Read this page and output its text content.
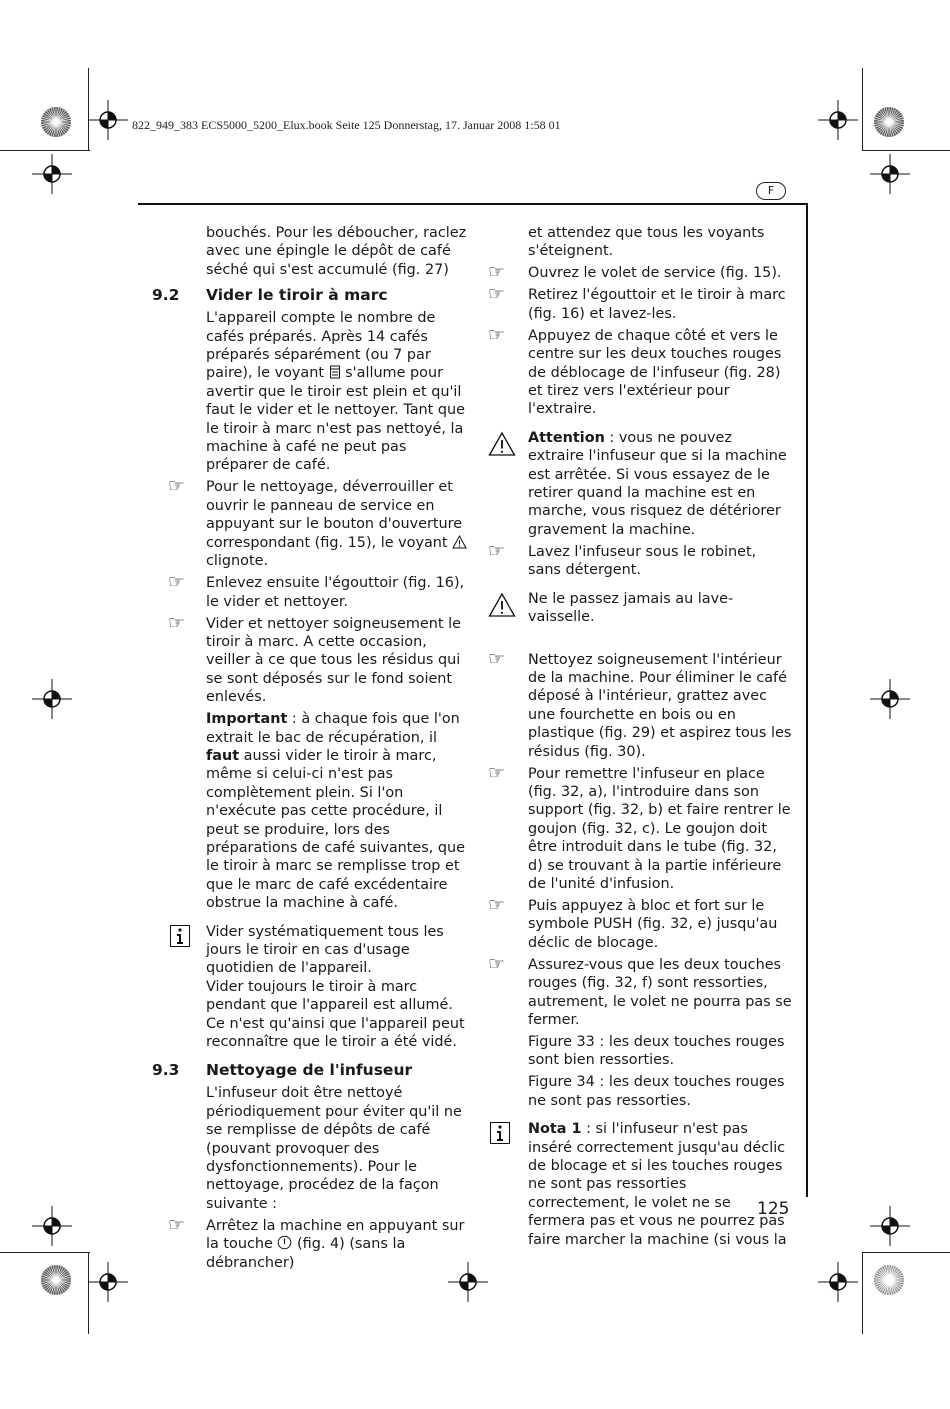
822_949_383 ECS5000_5200_Elux.book Seite 125 Donnerstag, 17. Januar 2008 1:58 01
F

bouchés. Pour les déboucher, raclez avec une épingle le dépôt de café séché qui s'est accumulé (fig. 27)

9.2	Vider le tiroir à marc

L'appareil compte le nombre de cafés préparés. Après 14 cafés préparés séparément (ou 7 par paire), le voyant s'allume pour avertir que le tiroir est plein et qu'il faut le vider et le nettoyer. Tant que le tiroir à marc n'est pas nettoyé, la machine à café ne peut pas préparer de café.

☞ Pour le nettoyage, déverrouiller et ouvrir le panneau de service en appuyant sur le bouton d'ouverture correspondant (fig. 15), le voyant  clignote.

☞ Enlevez ensuite l'égouttoir (fig. 16), le vider et nettoyer.

☞ Vider et nettoyer soigneusement le tiroir à marc. A cette occasion, veiller à ce que tous les résidus qui se sont déposés sur le fond soient enlevés.

Important : à chaque fois que l'on extrait le bac de récupération, il faut aussi vider le tiroir à marc, même si celui-ci n'est pas complètement plein. Si l'on n'exécute pas cette procédure, il peut se produire, lors des préparations de café suivantes, que le tiroir à marc se remplisse trop et que le marc de café excédentaire obstrue la machine à café.

Vider systématiquement tous les jours le tiroir en cas d'usage quotidien de l'appareil.
Vider toujours le tiroir à marc pendant que l'appareil est allumé. Ce n'est qu'ainsi que l'appareil peut reconnaître que le tiroir a été vidé.

9.3	Nettoyage de l'infuseur

L'infuseur doit être nettoyé périodiquement pour éviter qu'il ne se remplisse de dépôts de café (pouvant provoquer des dysfonctionnements). Pour le nettoyage, procédez de la façon suivante :

☞ Arrêtez la machine en appuyant sur la touche (fig. 4) (sans la débrancher)

et attendez que tous les voyants s'éteignent.

☞ Ouvrez le volet de service (fig. 15).

☞ Retirez l'égouttoir et le tiroir à marc (fig. 16) et lavez-les.

☞ Appuyez de chaque côté et vers le centre sur les deux touches rouges de déblocage de l'infuseur (fig. 28) et tirez vers l'extérieur pour l'extraire.

Attention : vous ne pouvez extraire l'infuseur que si la machine est arrêtée. Si vous essayez de le retirer quand la machine est en marche, vous risquez de détériorer gravement la machine.

☞ Lavez l'infuseur sous le robinet, sans détergent.

Ne le passez jamais au lave-vaisselle.

☞ Nettoyez soigneusement l'intérieur de la machine. Pour éliminer le café déposé à l'intérieur, grattez avec une fourchette en bois ou en plastique (fig. 29) et aspirez tous les résidus (fig. 30).

☞ Pour remettre l'infuseur en place (fig. 32, a), l'introduire dans son support (fig. 32, b) et faire rentrer le goujon (fig. 32, c). Le goujon doit être introduit dans le tube (fig. 32, d) se trouvant à la partie inférieure de l'unité d'infusion.

☞ Puis appuyez à bloc et fort sur le symbole PUSH (fig. 32, e) jusqu'au déclic de blocage.

☞ Assurez-vous que les deux touches rouges (fig. 32, f) sont ressorties, autrement, le volet ne pourra pas se fermer.

Figure 33 : les deux touches rouges sont bien ressorties.

Figure 34 : les deux touches rouges ne sont pas ressorties.

Nota 1 : si l'infuseur n'est pas inséré correctement jusqu'au déclic de blocage et si les touches rouges ne sont pas ressorties correctement, le volet ne se fermera pas et vous ne pourrez pas faire marcher la machine (si vous la

125
